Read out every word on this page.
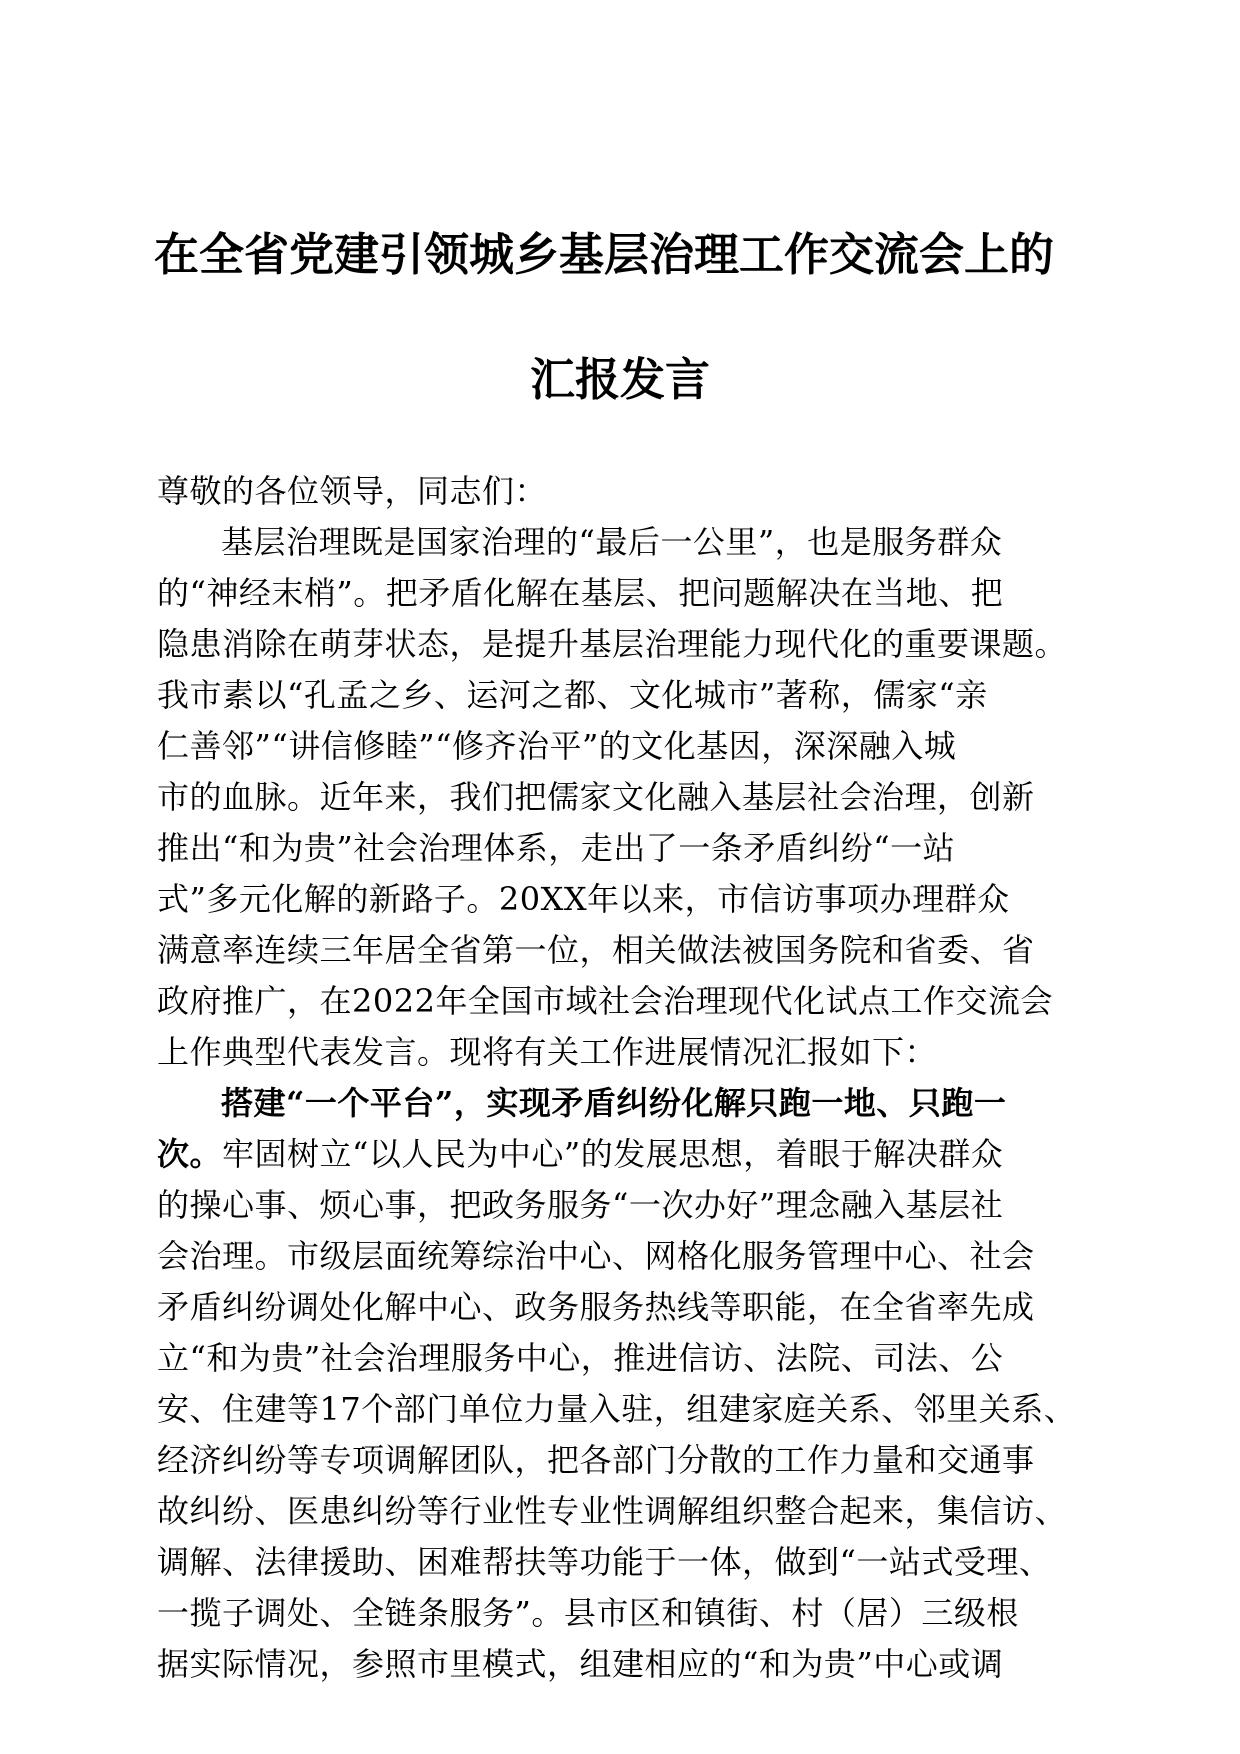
在全省党建引领城乡基层治理工作交流会上的
汇报发言
尊敬的各位领导，同志们：
基层治理既是国家治理的“最后一公里”，也是服务群众
的“神经末梢”。把矛盾化解在基层、把问题解决在当地、把
隐患消除在萌芽状态，是提升基层治理能力现代化的重要课题。
我市素以“孔孟之乡、运河之都、文化城市”著称，儒家“亲
仁善邻”“讲信修睦”“修齐治平”的文化基因，深深融入城
市的血脉。近年来，我们把儒家文化融入基层社会治理，创新
推出“和为贵”社会治理体系，走出了一条矛盾纠纷“一站
式”多元化解的新路子。20XX年以来，市信访事项办理群众
满意率连续三年居全省第一位，相关做法被国务院和省委、省
政府推广，在2022年全国市域社会治理现代化试点工作交流会
上作典型代表发言。现将有关工作进展情况汇报如下：
搭建“一个平台”，实现矛盾纠纷化解只跑一地、只跑一
次。牢固树立“以人民为中心”的发展思想，着眼于解决群众
的操心事、烦心事，把政务服务“一次办好”理念融入基层社
会治理。市级层面统筹综治中心、网格化服务管理中心、社会
矛盾纠纷调处化解中心、政务服务热线等职能，在全省率先成
立“和为贵”社会治理服务中心，推进信访、法院、司法、公
安、住建等17个部门单位力量入驻，组建家庭关系、邻里关系、
经济纠纷等专项调解团队，把各部门分散的工作力量和交通事
故纠纷、医患纠纷等行业性专业性调解组织整合起来，集信访、
调解、法律援助、困难帮扶等功能于一体，做到“一站式受理、
一揽子调处、全链条服务”。县市区和镇街、村（居）三级根
据实际情况，参照市里模式，组建相应的“和为贵”中心或调
